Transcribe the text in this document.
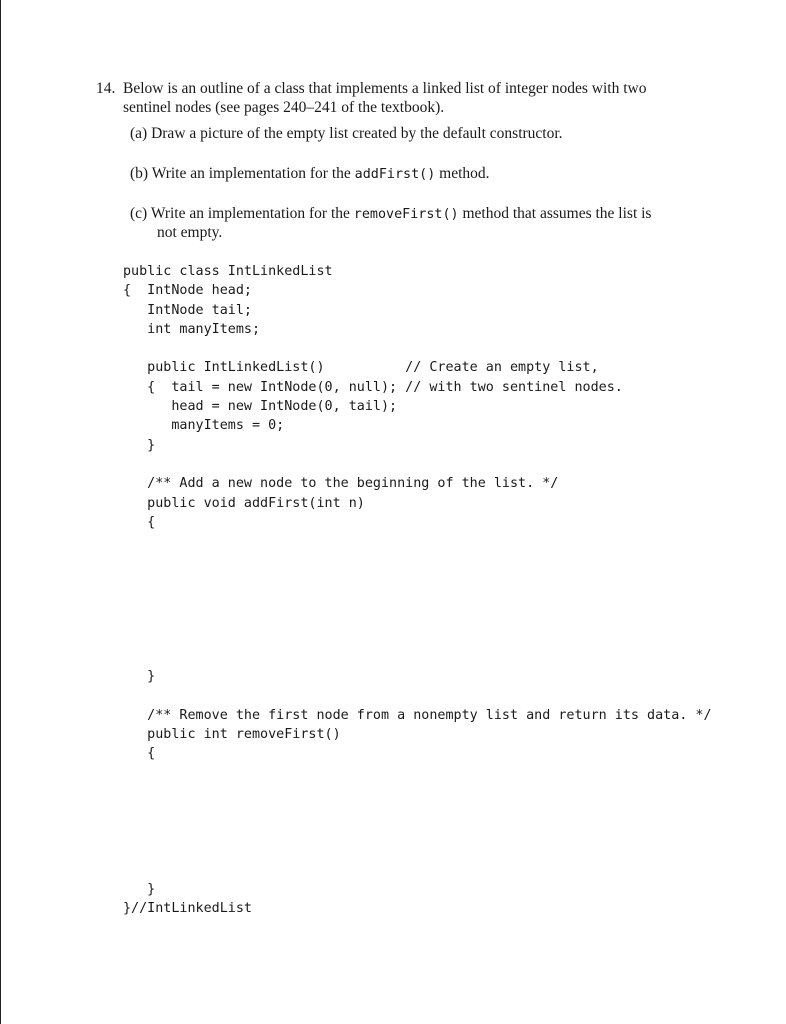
14. Below is an outline of a class that implements a linked list of integer nodes with two
sentinel nodes (see pages 240–241 of the textbook).
(a) Draw a picture of the empty list created by the default constructor.
(b) Write an implementation for the addFirst() method.
(c) Write an implementation for the removeFirst() method that assumes the list is
not empty.
public class IntLinkedList
{  IntNode head;
IntNode tail;
int manyItems;
public IntLinkedList()          // Create an empty list,
{  tail = new IntNode(0, null); // with two sentinel nodes.
head = new IntNode(0, tail);
manyItems = 0;
}
/** Add a new node to the beginning of the list. */
public void addFirst(int n)
{
}
/** Remove the first node from a nonempty list and return its data. */
public int removeFirst()
{
}
}//IntLinkedList
